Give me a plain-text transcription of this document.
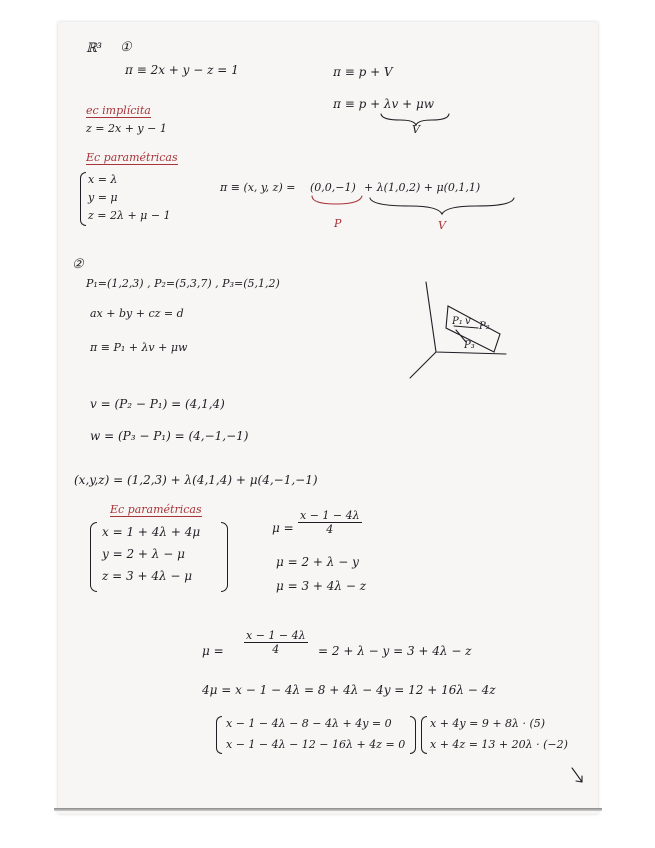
ℝ³ ①
π ≡ 2x + y − z = 1	π ≡ p + V
π ≡ p + λv + μw
V
ec implícita
z = 2x + y − 1
Ec paramétricas
x = λ
y = μ
z = 2λ + μ − 1
π ≡ (x, y, z) = (0,0,−1) + λ(1,0,2) + μ(0,1,1)
P	V
②
P₁=(1,2,3) , P₂=(5,3,7) , P₃=(5,1,2)
ax + by + cz = d
π ≡ P₁ + λv + μw
P₁ v P₂
P₃
v = (P₂ − P₁) = (4,1,4)
w = (P₃ − P₁) = (4,−1,−1)
(x,y,z) = (1,2,3) + λ(4,1,4) + μ(4,−1,−1)
Ec paramétricas
x = 1 + 4λ + 4μ
y = 2 + λ − μ
z = 3 + 4λ − μ
$\mu = \frac{x - 1 - 4\lambda}{4}$
μ = 2 + λ − y
μ = 3 + 4λ − z
$\mu = \frac{x - 1 - 4\lambda}{4} = 2 + \lambda - y = 3 + 4\lambda - z$
4μ = x − 1 − 4λ = 8 + 4λ − 4y = 12 + 16λ − 4z
x − 1 − 4λ − 8 − 4λ + 4y = 0
x − 1 − 4λ − 12 − 16λ + 4z = 0
x + 4y = 9 + 8λ · (5)
x + 4z = 13 + 20λ · (−2)
